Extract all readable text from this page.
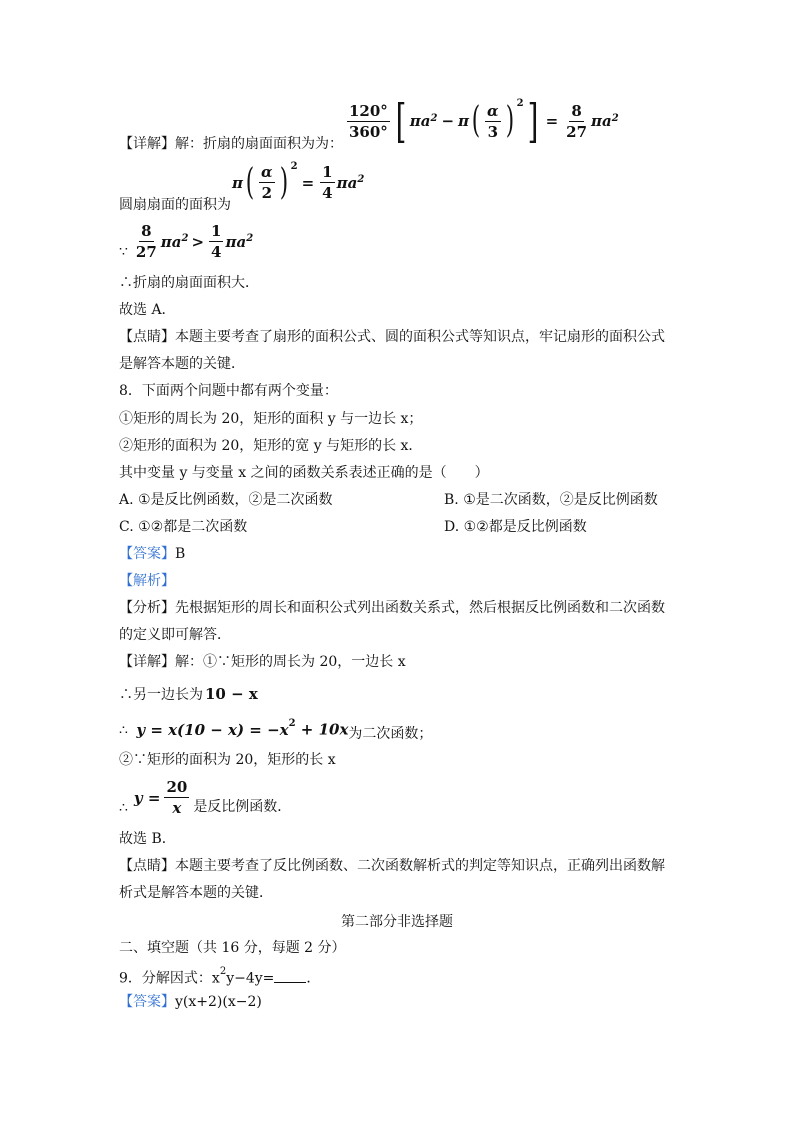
$\frac{120^\circ}{360^\circ}$ [ $\pi a^2 - \pi$ ( $\frac{\alpha}{3}$ ) $^2$ ] = $\frac{8}{27} \pi a^2$
【详解】解：折扇的扇面面积为为：
π ( $\frac{\alpha}{2}$ ) $^2$
= $\frac{1}{4} \pi a^2$
圆扇扇面的面积为
∵ $\frac{8}{27} \pi a^2 > \frac{1}{4} \pi a^2$
∴折扇的扇面面积大．
故选 A．
【点睛】本题主要考查了扇形的面积公式、圆的面积公式等知识点，牢记扇形的面积公式
是解答本题的关键．
8．下面两个问题中都有两个变量：
①矩形的周长为 20，矩形的面积 y 与一边长 x；
②矩形的面积为 20，矩形的宽 y 与矩形的长 x．
其中变量 y 与变量 x 之间的函数关系表述正确的是（　　）
A. ①是反比例函数，②是二次函数	B. ①是二次函数，②是反比例函数
C. ①②都是二次函数	D. ①②都是反比例函数
【答案】B
【解析】
【分析】先根据矩形的周长和面积公式列出函数关系式，然后根据反比例函数和二次函数
的定义即可解答．
【详解】解：①∵矩形的周长为 20，一边长 x
∴另一边长为 10 − x
∴ $y = x(10 - x) = -x^2 + 10x$为二次函数；
②∵矩形的面积为 20，矩形的长 x
∴
$y = \frac{20}{x}$ 是反比例函数．
故选 B．
【点睛】本题主要考查了反比例函数、二次函数解析式的判定等知识点，正确列出函数解
析式是解答本题的关键．
第二部分非选择题
二、填空题（共 16 分，每题 2 分）
9．分解因式：$x^2y-4y=$ ．
【答案】y(x+2)(x−2)
